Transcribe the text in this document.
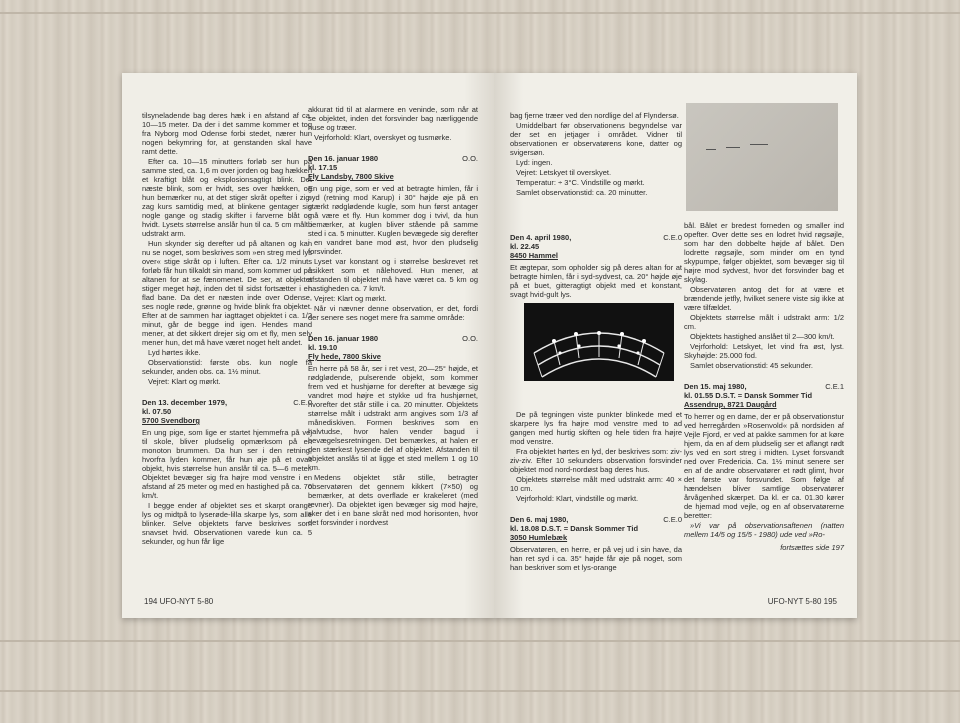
tilsyneladende bag deres hæk i en afstand af ca. 10—15 meter. Da der i det samme kommer et tog fra Nyborg mod Odense forbi stedet, nærer hun nogen bekymring for, at genstanden skal have ramt dette.

Efter ca. 10—15 minutters forløb ser hun på samme sted, ca. 1,6 m over jorden og bag hækken et kraftigt blåt og eksplosionsagtigt blink. Det næste blink, som er hvidt, ses over hækken, og hun bemærker nu, at det stiger skråt opefter i zig-zag kurs samtidig med, at blinkene gentager sig nogle gange og stadig skifter i farverne blåt og hvidt. Lysets størrelse anslår hun til ca. 5 cm målt i udstrakt arm.

Hun skynder sig derefter ud på altanen og kan nu se noget, som beskrives som »en streg med lys over« stige skråt op i luften. Efter ca. 1/2 minuts forløb får hun tilkaldt sin mand, som kommer ud på altanen for at se fænomenet. De ser, at objektet stiger meget højt, inden det til sidst fortsætter i en flad bane. Da det er næsten inde over Odense, ses nogle røde, grønne og hvide blink fra objektet. Efter at de sammen har iagttaget objektet i ca. 1/2 minut, går de begge ind igen. Hendes mand mener, at det sikkert drejer sig om et fly, men selv mener hun, det må have været noget helt andet.

Lyd hørtes ikke.

Observationstid: første obs. kun nogle få sekunder, anden obs. ca. 1½ minut.

Vejret: Klart og mørkt.

Den 13. december 1979,	C.E.0
kl. 07.50
5700 Svendborg

En ung pige, som lige er startet hjemmefra på vej til skole, bliver pludselig opmærksom på en monoton brummen. Da hun ser i den retning, hvorfra lyden kommer, får hun øje på et ovalt objekt, hvis størrelse hun anslår til ca. 5—6 meter. Objektet bevæger sig fra højre mod venstre i en afstand af 25 meter og med en hastighed på ca. 70 km/t.

I begge ender af objektet ses et skarpt orange lys og midtpå to lyserøde-lilla skarpe lys, som alle blinker. Selve objektets farve beskrives som snavset hvid. Observationen varede kun ca. 5 sekunder, og hun får lige

akkurat tid til at alarmere en veninde, som når at se objektet, inden det forsvinder bag nærliggende huse og træer.

Vejrforhold: Klart, overskyet og tusmørke.

Den 16. januar 1980	O.O.
kl. 17.15
Fly Landsby, 7800 Skive

En ung pige, som er ved at betragte himlen, får i syd (retning mod Karup) i 30° højde øje på en stærkt rødglødende kugle, som hun først antager må være et fly. Hun kommer dog i tvivl, da hun bemærker, at kuglen bliver stående på samme sted i ca. 5 minutter. Kuglen bevægede sig derefter i en vandret bane mod øst, hvor den pludselig forsvinder.

Lyset var konstant og i størrelse beskrevet ret usikkert som et nålehoved. Hun mener, at afstanden til objektet må have været ca. 5 km og hastigheden ca. 7 km/t.

Vejret: Klart og mørkt.

Når vi nævner denne observation, er det, fordi der senere ses noget mere fra samme område:

Den 16. januar 1980	O.O.
kl. 19.10
Fly hede, 7800 Skive

En herre på 58 år, ser i ret vest, 20—25° højde, et rødglødende, pulserende objekt, som kommer frem ved et hushjørne for derefter at bevæge sig vandret mod højre et stykke ud fra hushjørnet, hvorefter det står stille i ca. 20 minutter. Objektets størrelse målt i udstrakt arm angives som 1/3 af månediskiven. Formen beskrives som en halvtudse, hvor halen vender bagud i bevægelsesretningen. Det bemærkes, at halen er den stærkest lysende del af objektet. Afstanden til objektet anslås til at ligge et sted mellem 1 og 10 km.

Medens objektet står stille, betragter observatøren det gennem kikkert (7×50) og bemærker, at dets overflade er krakeleret (med revner). Da objektet igen bevæger sig mod højre, sker det i en bane skråt ned mod horisonten, hvor det forsvinder i nordvest

194 UFO-NYT 5-80

bag fjerne træer ved den nordlige del af Flyndersø.

Umiddelbart før observationens begyndelse var der set en jetjager i området. Vidner til observationen er observatørens kone, datter og svigersøn.

Lyd: ingen.

Vejret: Letskyet til overskyet.

Temperatur: ÷ 3°C. Vindstille og mørkt.

Samlet observationstid: ca. 20 minutter.

Den 4. april 1980,	C.E.0
kl. 22.45
8450 Hammel

Et ægtepar, som opholder sig på deres altan for at betragte himlen, får i syd-sydvest, ca. 20° højde øje på et buet, gitteragtigt objekt med et konstant, svagt hvid-gult lys.

De på tegningen viste punkter blinkede med et skarpere lys fra højre mod venstre med to ad gangen med hurtig skiften og hele tiden fra højre mod venstre.

Fra objektet hørtes en lyd, der beskrives som: ziv-ziv-ziv. Efter 10 sekunders observation forsvinder objektet mod nord-nordøst bag deres hus.

Objektets størrelse målt med udstrakt arm: 40 × 10 cm.

Vejrforhold: Klart, vindstille og mørkt.

Den 6. maj 1980,	C.E.0
kl. 18.08 D.S.T. = Dansk Sommer Tid
3050 Humlebæk

Observatøren, en herre, er på vej ud i sin have, da han ret syd i ca. 35° højde får øje på noget, som han beskriver som et lys-orange

bål. Bålet er bredest forneden og smaller ind opefter. Over dette ses en lodret hvid røgsøjle, som har den dobbelte højde af bålet. Den lodrette røgsøjle, som minder om en tynd skypumpe, følger objektet, som bevæger sig til højre mod sydvest, hvor det forsvinder bag et skylag.

Observatøren antog det for at være et brændende jetfly, hvilket senere viste sig ikke at være tilfældet.

Objektets størrelse målt i udstrakt arm: 1/2 cm.

Objektets hastighed anslået til 2—300 km/t.

Vejrforhold: Letskyet, let vind fra øst, lyst. Skyhøjde: 25.000 fod.

Samlet observationstid: 45 sekunder.

Den 15. maj 1980,	C.E.1
kl. 01.55 D.S.T. = Dansk Sommer Tid
Assendrup, 8721 Daugård

To herrer og en dame, der er på observationstur ved herregården »Rosenvold« på nordsiden af Vejle Fjord, er ved at pakke sammen for at køre hjem, da en af dem pludselig ser et aflangt rødt lys ved en sort streg i midten. Lyset forsvandt ned over Fredericia. Ca. 1½ minut senere ser en af de andre observatører et rødt glimt, hvor det første var forsvundet. Som følge af hændelsen bliver samtlige observatører årvågenhed skærpet. Da kl. er ca. 01.30 kører de hjemad mod vejle, og en af observatørerne beretter:

»Vi var på observationsaftenen (natten mellem 14/5 og 15/5 - 1980) ude ved »Ro-

fortsættes side 197
UFO-NYT 5-80 195
